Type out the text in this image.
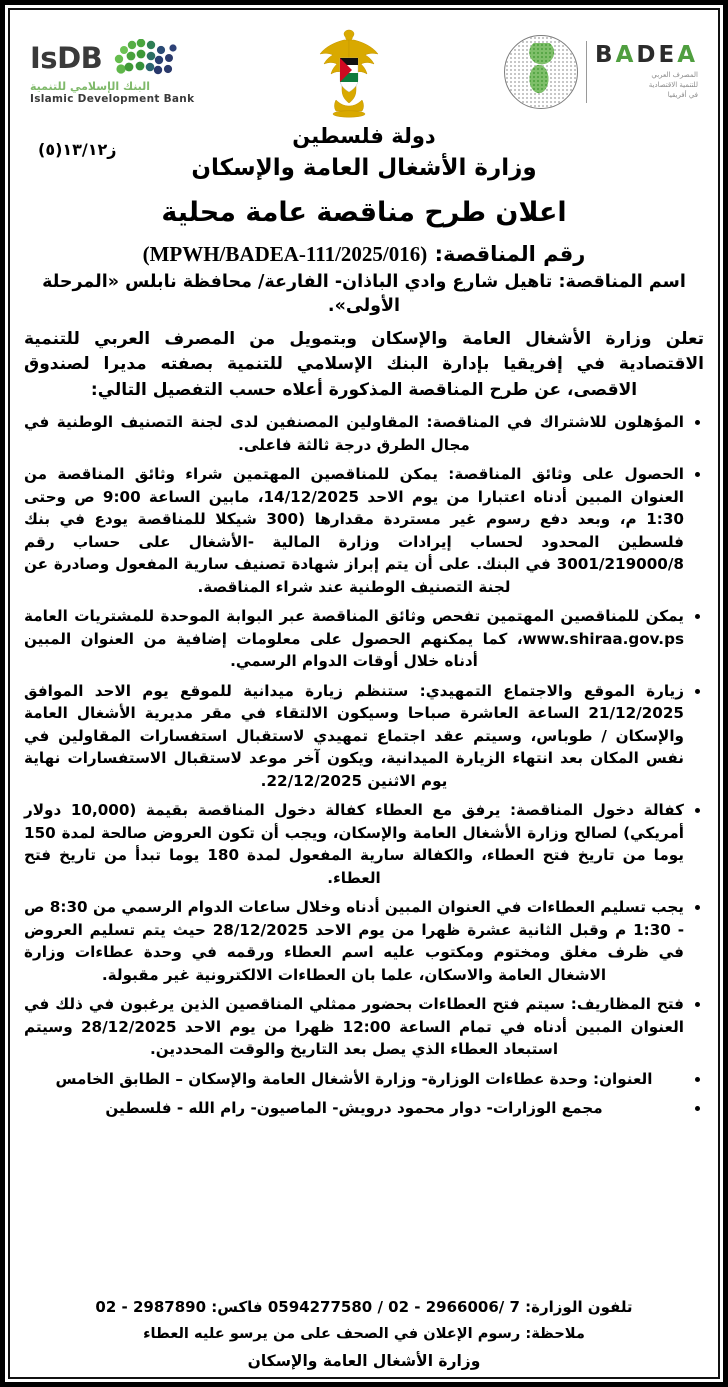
BADEA
المصرف العربي
للتنمية الاقتصادية
في أفريقيا
IsDB
البنك الإسلامي للتنمية
Islamic Development Bank
ز١٣/١٢(٥)
دولة فلسطين
وزارة الأشغال العامة والإسكان
اعلان طرح مناقصة عامة محلية
رقم المناقصة: (MPWH/BADEA-111/2025/016)
اسم المناقصة: تاهيل شارع وادي الباذان- الفارعة/ محافظة نابلس «المرحلة الأولى».

تعلن وزارة الأشغال العامة والإسكان وبتمويل من المصرف العربي للتنمية الاقتصادية في إفريقيا بإدارة البنك الإسلامي للتنمية بصفته مديرا لصندوق الاقصى، عن طرح المناقصة المذكورة أعلاه حسب التفصيل التالي:

المؤهلون للاشتراك في المناقصة: المقاولين المصنفين لدى لجنة التصنيف الوطنية في مجال الطرق درجة ثالثة فاعلى.
الحصول على وثائق المناقصة: يمكن للمناقصين المهتمين شراء وثائق المناقصة من العنوان المبين أدناه اعتبارا من يوم الاحد 14/12/2025، مابين الساعة 9:00 ص وحتى 1:30 م، وبعد دفع رسوم غير مستردة مقدارها (300 شيكلا للمناقصة يودع في بنك فلسطين المحدود لحساب إيرادات وزارة المالية -الأشغال على حساب رقم 3001/219000/8 في البنك. على أن يتم إبراز شهادة تصنيف سارية المفعول وصادرة عن لجنة التصنيف الوطنية عند شراء المناقصة.
يمكن للمناقصين المهتمين تفحص وثائق المناقصة عبر البوابة الموحدة للمشتريات العامة www.shiraa.gov.ps، كما يمكنهم الحصول على معلومات إضافية من العنوان المبين أدناه خلال أوقات الدوام الرسمي.
زيارة الموقع والاجتماع التمهيدي: ستنظم زيارة ميدانية للموقع يوم الاحد الموافق 21/12/2025 الساعة العاشرة صباحا وسيكون الالتقاء في مقر مديرية الأشغال العامة والإسكان / طوباس، وسيتم عقد اجتماع تمهيدي لاستقبال استفسارات المقاولين في نفس المكان بعد انتهاء الزيارة الميدانية، ويكون آخر موعد لاستقبال الاستفسارات نهاية يوم الاثنين 22/12/2025.
كفالة دخول المناقصة: يرفق مع العطاء كفالة دخول المناقصة بقيمة (10,000 دولار أمريكي) لصالح وزارة الأشغال العامة والإسكان، ويجب أن تكون العروض صالحة لمدة 150 يوما من تاريخ فتح العطاء، والكفالة سارية المفعول لمدة 180 يوما تبدأ من تاريخ فتح العطاء.
يجب تسليم العطاءات في العنوان المبين أدناه وخلال ساعات الدوام الرسمي من 8:30 ص - 1:30 م وقبل الثانية عشرة ظهرا من يوم الاحد 28/12/2025 حيث يتم تسليم العروض في ظرف مغلق ومختوم ومكتوب عليه اسم العطاء ورقمه في وحدة عطاءات وزارة الاشغال العامة والاسكان، علما بان العطاءات الالكترونية غير مقبولة.
فتح المظاريف: سيتم فتح العطاءات بحضور ممثلي المناقصين الذين يرغبون في ذلك في العنوان المبين أدناه في تمام الساعة 12:00 ظهرا من يوم الاحد 28/12/2025 وسيتم استبعاد العطاء الذي يصل بعد التاريخ والوقت المحددين.
العنوان: وحدة عطاءات الوزارة- وزارة الأشغال العامة والإسكان – الطابق الخامس
مجمع الوزارات- دوار محمود درويش- الماصيون- رام الله - فلسطين
تلفون الوزارة: 7 /2966006 - 02 / 0594277580 فاكس: 2987890 - 02
ملاحظة: رسوم الإعلان في الصحف على من يرسو عليه العطاء
وزارة الأشغال العامة والإسكان
